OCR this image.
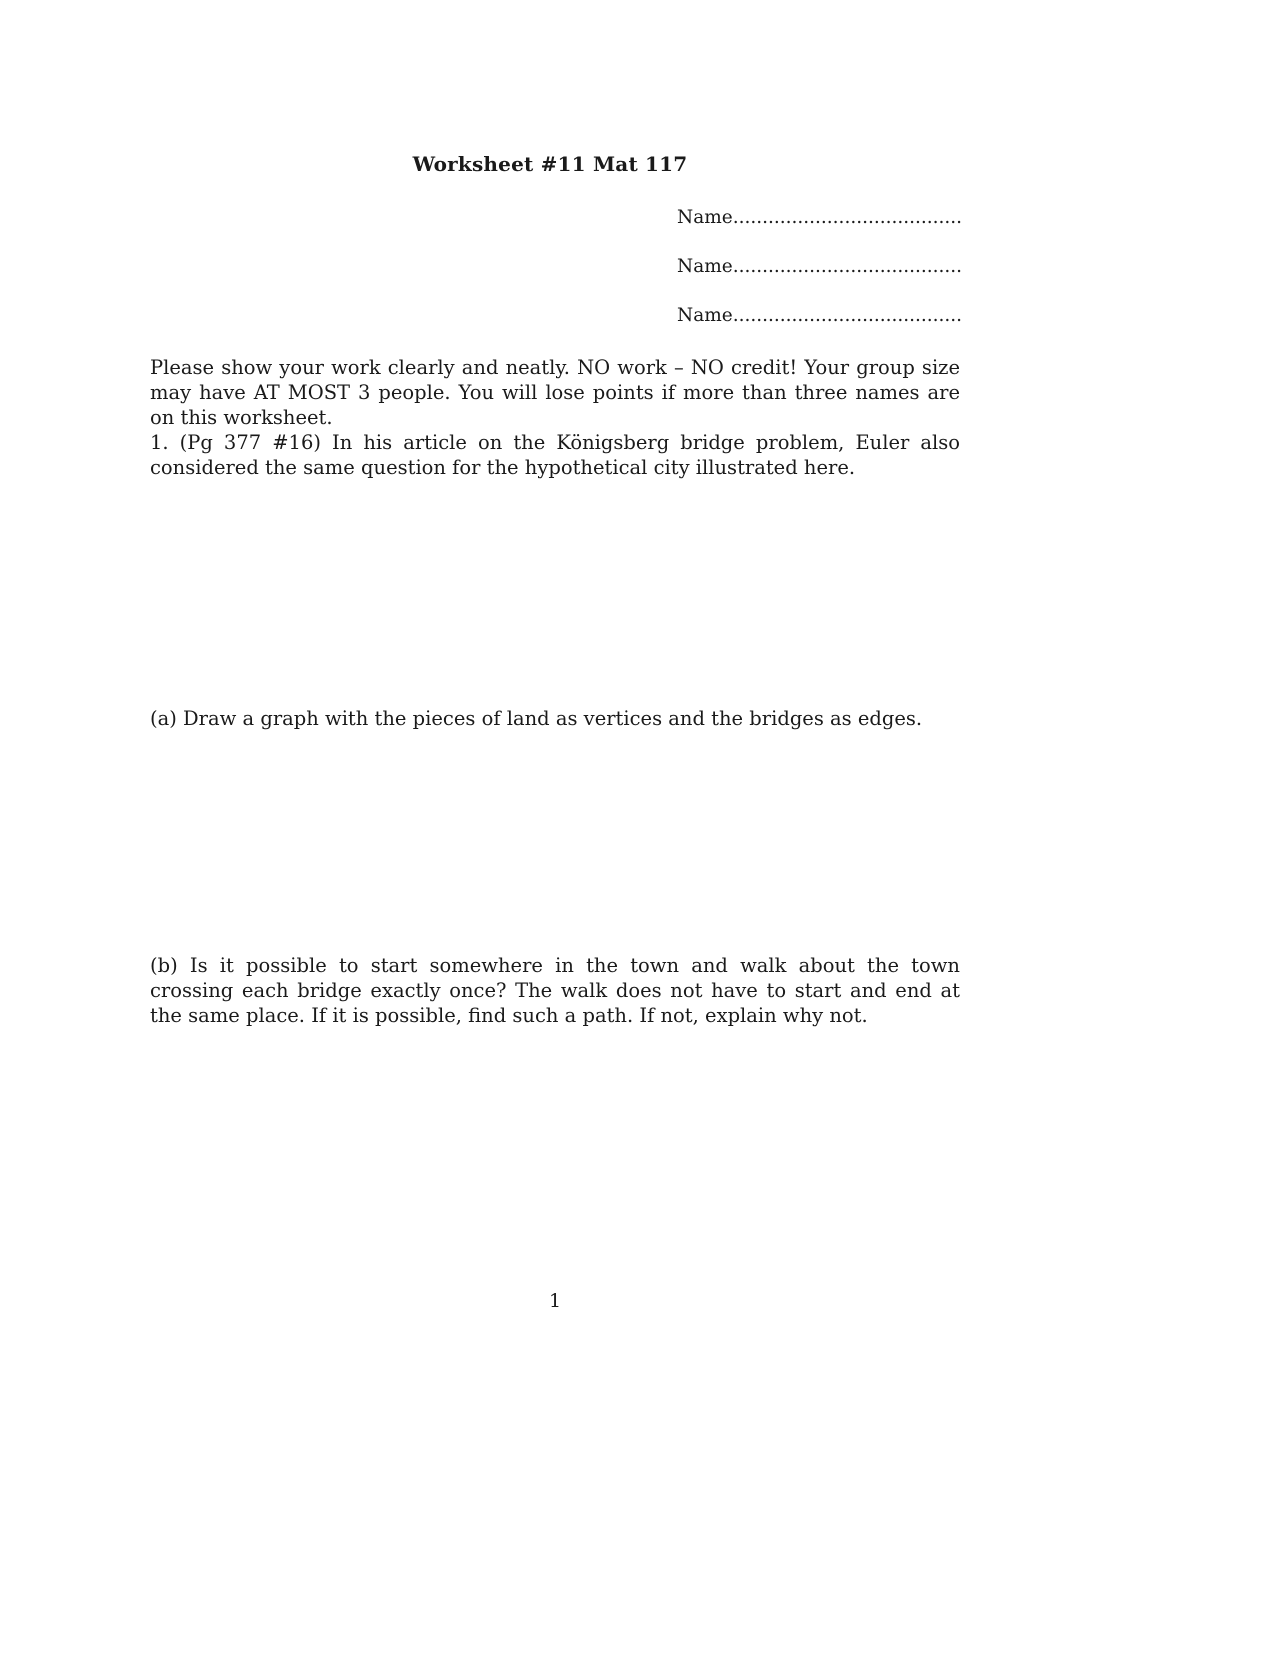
Worksheet #11 Mat 117
Name.......................................
Name.......................................
Name.......................................
Please show your work clearly and neatly. NO work – NO credit! Your group size may have AT MOST 3 people. You will lose points if more than three names are on this worksheet.
1. (Pg 377 #16) In his article on the Königsberg bridge problem, Euler also considered the same question for the hypothetical city illustrated here.
(a) Draw a graph with the pieces of land as vertices and the bridges as edges.
(b) Is it possible to start somewhere in the town and walk about the town crossing each bridge exactly once? The walk does not have to start and end at the same place. If it is possible, find such a path. If not, explain why not.
1
